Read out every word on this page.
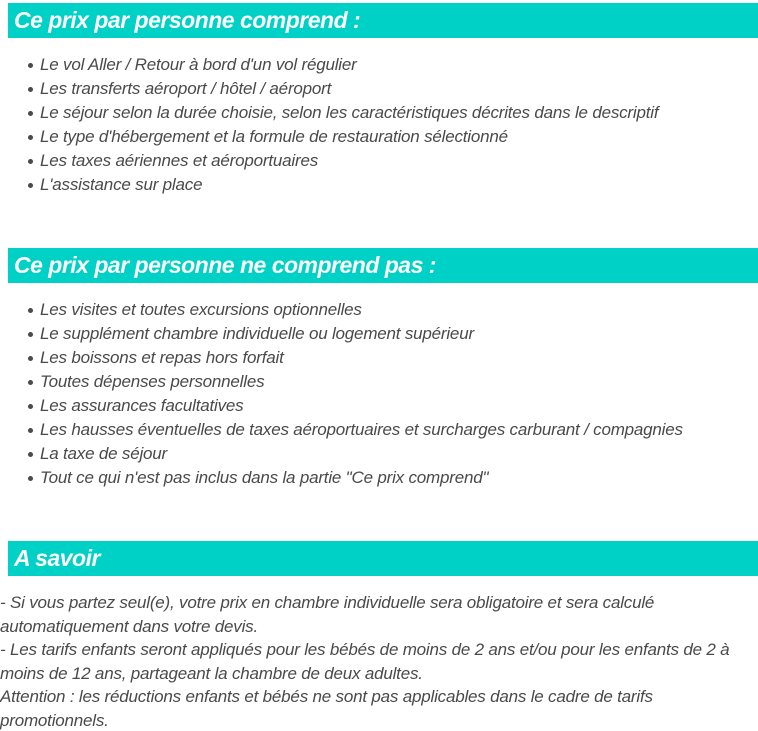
Ce prix par personne comprend :
Le vol Aller / Retour à bord d'un vol régulier
Les transferts aéroport / hôtel / aéroport
Le séjour selon la durée choisie, selon les caractéristiques décrites dans le descriptif
Le type d'hébergement et la formule de restauration sélectionné
Les taxes aériennes et aéroportuaires
L'assistance sur place
Ce prix par personne ne comprend pas :
Les visites et toutes excursions optionnelles
Le supplément chambre individuelle ou logement supérieur
Les boissons et repas hors forfait
Toutes dépenses personnelles
Les assurances facultatives
Les hausses éventuelles de taxes aéroportuaires et surcharges carburant / compagnies
La taxe de séjour
Tout ce qui n'est pas inclus dans la partie "Ce prix comprend"
A savoir

- Si vous partez seul(e), votre prix en chambre individuelle sera obligatoire et sera calculé automatiquement dans votre devis.

- Les tarifs enfants seront appliqués pour les bébés de moins de 2 ans et/ou pour les enfants de 2 à moins de 12 ans, partageant la chambre de deux adultes.

Attention : les réductions enfants et bébés ne sont pas applicables dans le cadre de tarifs promotionnels.
